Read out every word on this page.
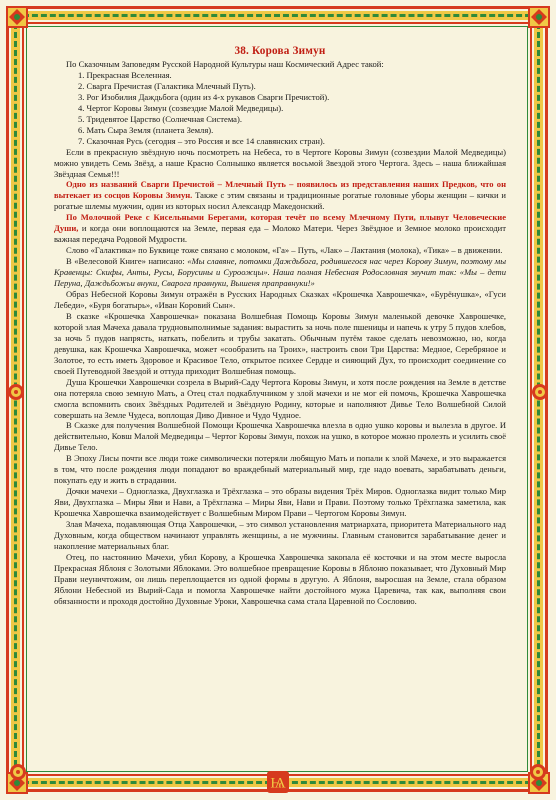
Ѩ
38. Корова Зимун

По Сказочным Заповедям Русской Народной Культуры наш Космический Адрес такой:

1. Прекрасная Вселенная.
2. Сварга Пречистая (Галактика Млечный Путь).
3. Рог Изобилия Даждьбога (один из 4-х рукавов Сварги Пречистой).
4. Чертог Коровы Зимун (созвездие Малой Медведицы).
5. Тридевятое Царство (Солнечная Система).
6. Мать Сыра Земля (планета Земля).
7. Сказочная Русь (сегодня – это Россия и все 14 славянских стран).

Если в прекрасную звёздную ночь посмотреть на Небеса, то в Чертоге Коровы Зимун (созвездии Малой Медведицы) можно увидеть Семь Звёзд, а наше Красно Солнышко является восьмой Звездой этого Чертога. Здесь – наша ближайшая Звёздная Семья!!!

Одно из названий Сварги Пречистой – Млечный Путь – появилось из представления наших Предков, что он вытекает из сосцов Коровы Зимун. Также с этим связаны и традиционные рогатые головные уборы женщин – кички и рогатые шлемы мужчин, один из которых носил Александр Македонский.

По Молочной Реке с Кисельными Берегами, которая течёт по всему Млечному Пути, плывут Человеческие Души, и когда они воплощаются на Земле, первая еда – Молоко Матери. Через Звёздное и Земное молоко происходит важная передача Родовой Мудрости.

Слово «Галактика» по Буквице тоже связано с молоком, «Га» – Путь, «Лак» – Лактания (молока), «Тика» – в движении.

В «Велесовой Книге» написано: «Мы славяне, потомки Даждьбога, родившегося нас через Корову Зимун, поэтому мы Кравенцы: Скифы, Анты, Русы, Борусины и Суроожцы». Наша полная Небесная Родословная звучит так: «Мы – дети Перуна, Даждьбожьи внуки, Сварога правнуки, Вышеня праправнуки!»

Образ Небесной Коровы Зимун отражён в Русских Народных Сказках «Крошечка Хаврошечка», «Бурёнушка», «Гуси Лебеди», «Буря богатырь», «Иван Коровий Сын».

В сказке «Крошечка Хаврошечка» показана Волшебная Помощь Коровы Зимун маленькой девочке Хаврошечке, которой злая Мачеха давала трудновыполнимые задания: вырастить за ночь поле пшеницы и напечь к утру 5 пудов хлебов, за ночь 5 пудов напрясть, наткать, побелить и трубы закатать. Обычным путём такое сделать невозможно, но, когда девушка, как Крошечка Хаврошечка, может «сообразить на Троих», настроить свои Три Царства: Медное, Серебряное и Золотое, то есть иметь Здоровое и Красивое Тело, открытое психее Сердце и сияющий Дух, то происходит соединение со своей Путеводной Звездой и оттуда приходит Волшебная помощь.

Душа Крошечки Хаврошечки созрела в Вырий-Саду Чертога Коровы Зимун, и хотя после рождения на Земле в детстве она потеряла свою земную Мать, а Отец стал подкаблучником у злой мачехи и не мог ей помочь, Крошечка Хаврошечка смогла вспомнить своих Звёздных Родителей и Звёздную Родину, которые и наполняют Дивье Тело Волшебной Силой совершать на Земле Чудеса, воплощая Диво Дивное и Чудо Чудное.

В Сказке для получения Волшебной Помощи Крошечка Хаврошечка влезла в одно ушко коровы и вылезла в другое. И действительно, Ковш Малой Медведицы – Чертог Коровы Зимун, похож на ушко, в которое можно пролезть и усилить своё Дивье Тело.

В Эпоху Лисы почти все люди тоже символически потеряли любящую Мать и попали к злой Мачехе, и это выражается в том, что после рождения люди попадают во враждебный материальный мир, где надо воевать, зарабатывать деньги, покупать еду и жить в страдании.

Дочки мачехи – Одноглазка, Двухглазка и Трёхглазка – это образы видения Трёх Миров. Одноглазка видит только Мир Яви, Двухглазка – Миры Яви и Нави, а Трёхглазка – Миры Яви, Нави и Прави. Поэтому только Трёхглазка заметила, как Крошечка Хаврошечка взаимодействует с Волшебным Миром Прави – Чертогом Коровы Зимун.

Злая Мачеха, подавляющая Отца Хаврошечки, – это символ установления матриархата, приоритета Материального над Духовным, когда обществом начинают управлять женщины, а не мужчины. Главным становится зарабатывание денег и накопление материальных благ.

Отец, по настоянию Мачехи, убил Корову, а Крошечка Хаврошечка закопала её косточки и на этом месте выросла Прекрасная Яблоня с Золотыми Яблоками. Это волшебное превращение Коровы в Яблоню показывает, что Духовный Мир Прави неуничтожим, он лишь переплощается из одной формы в другую. А Яблоня, выросшая на Земле, стала образом Яблони Небесной из Вырий-Сада и помогла Хаврошечке найти достойного мужа Царевича, так как, выполняя свои обязанности и проходя достойно Духовные Уроки, Хаврошечка сама стала Царевной по Сословию.
